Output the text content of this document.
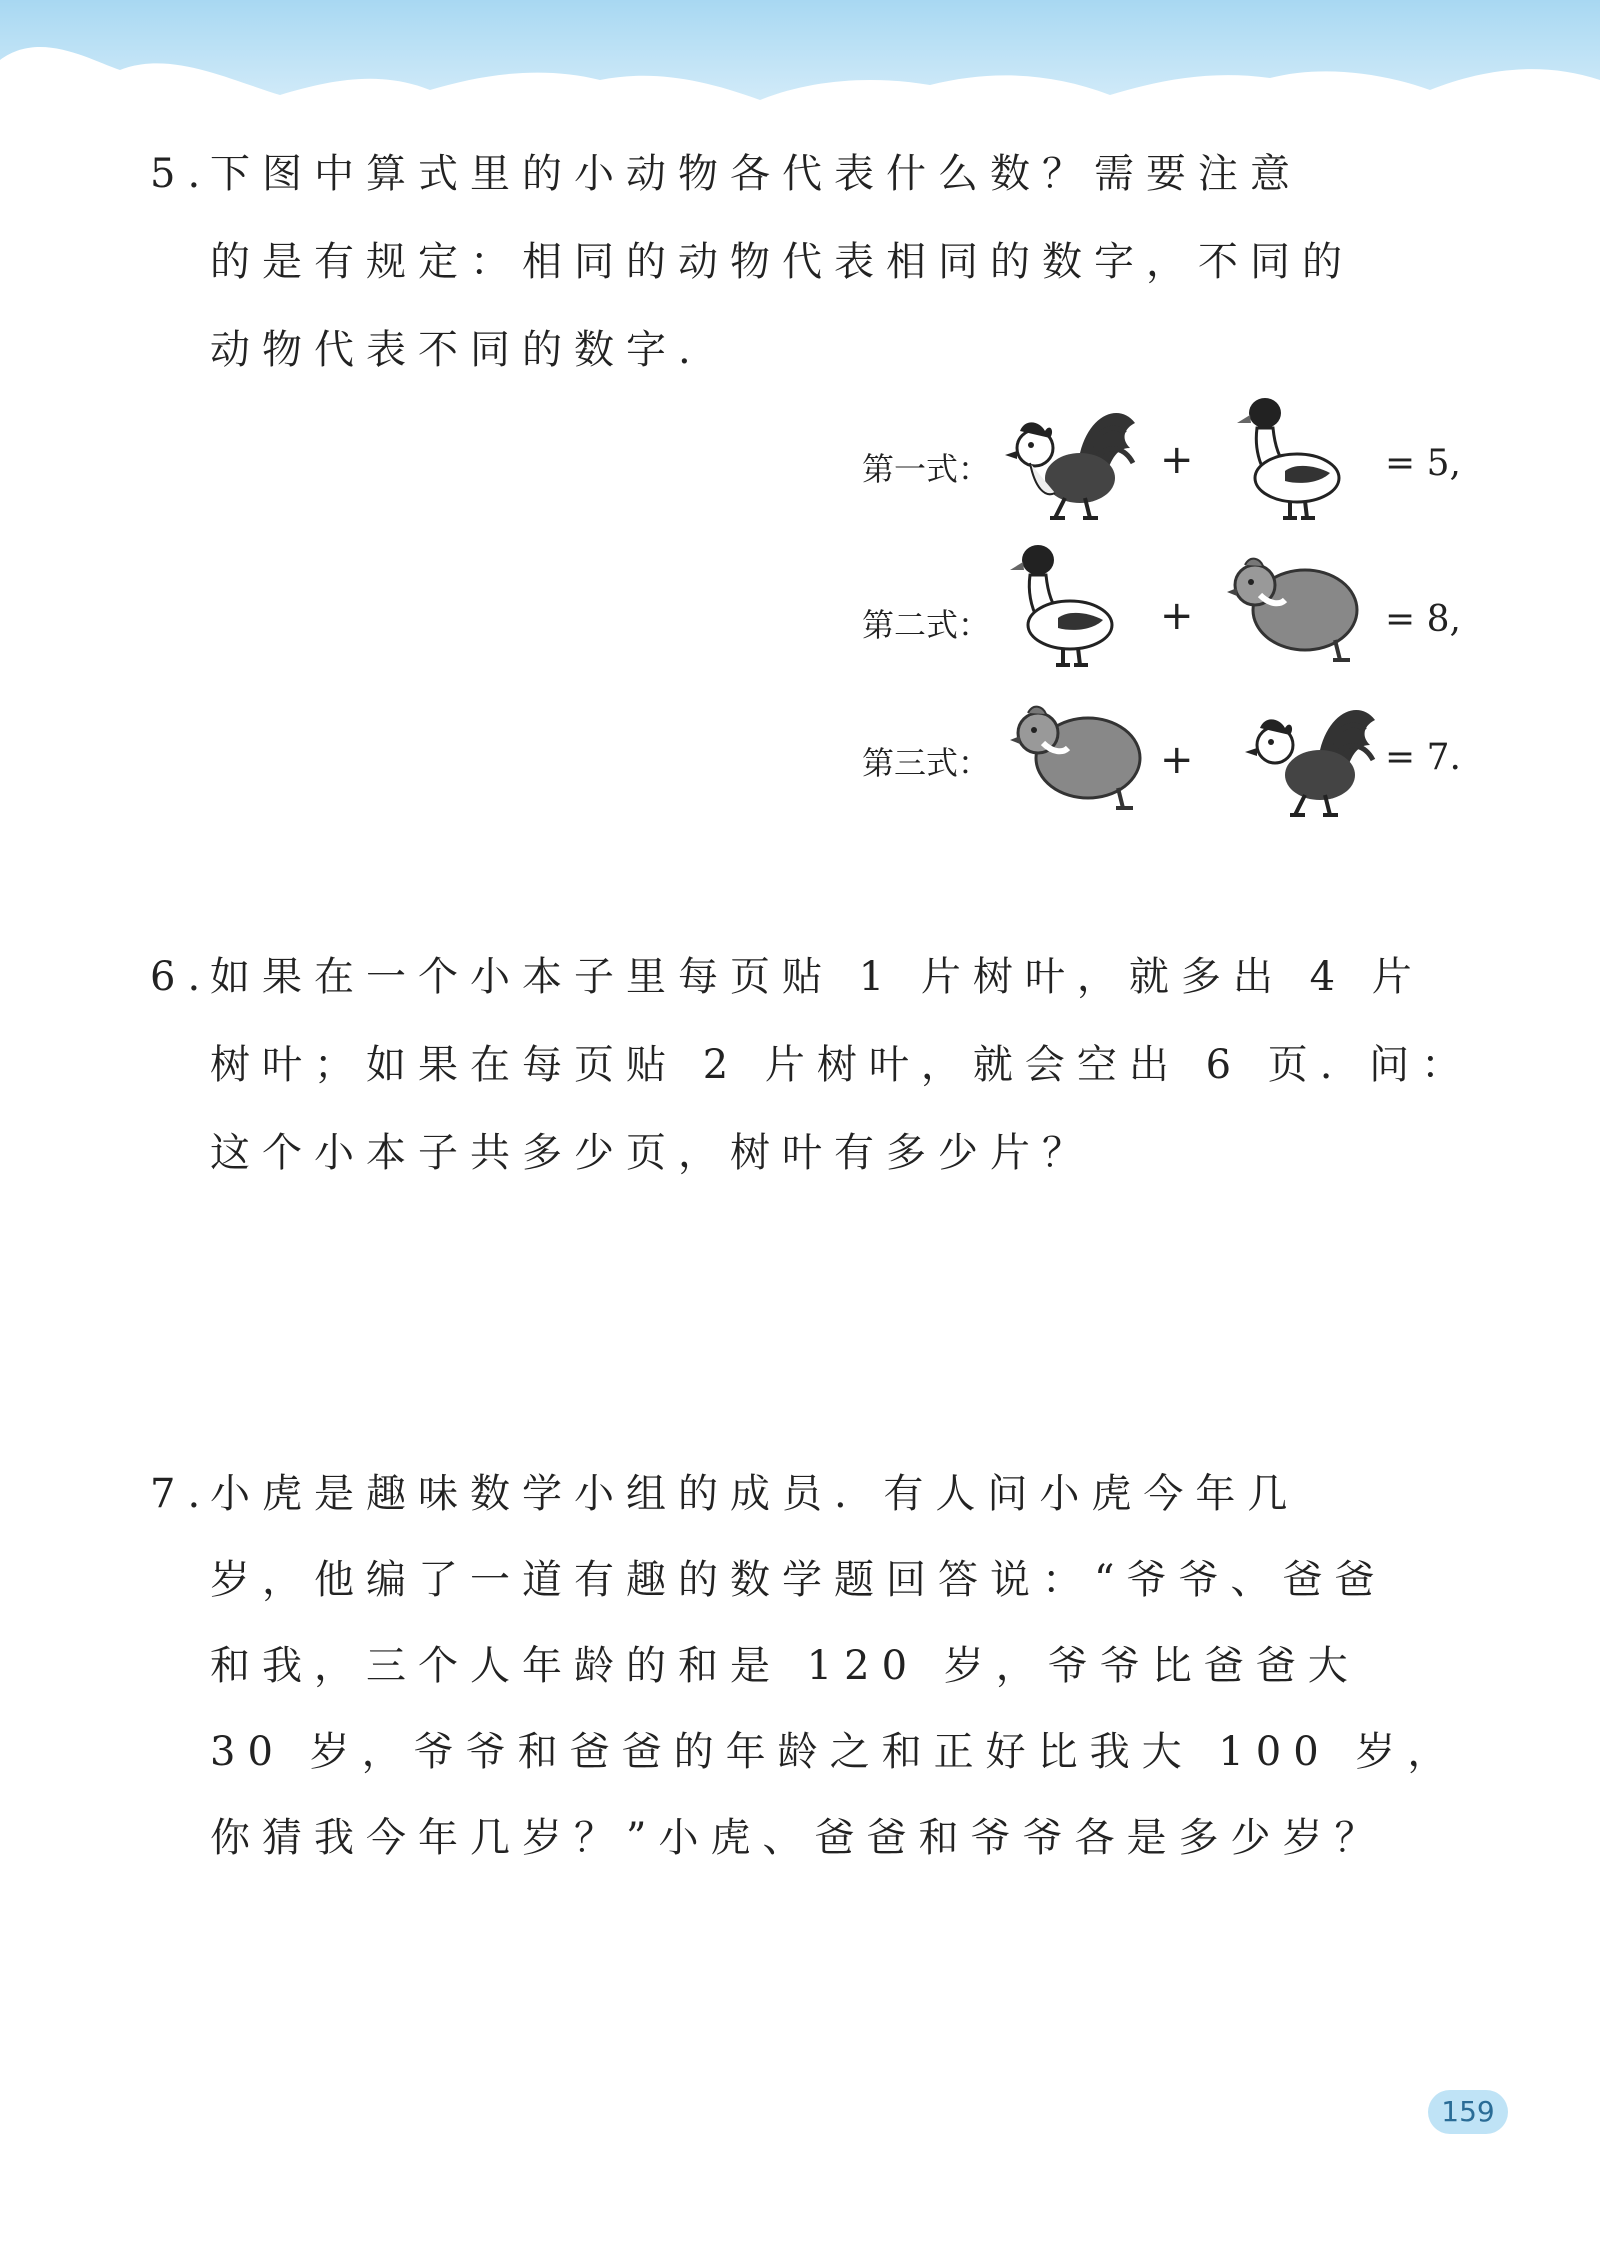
5.
下图中算式里的小动物各代表什么数？需要注意
的是有规定：相同的动物代表相同的数字，不同的
动物代表不同的数字.
第一式：	+	= 5,
第二式：	+	= 8,
第三式：	+	= 7.
6.
如果在一个小本子里每页贴 1 片树叶，就多出 4 片
树叶；如果在每页贴 2 片树叶，就会空出 6 页. 问：
这个小本子共多少页，树叶有多少片？
7.
小虎是趣味数学小组的成员. 有人问小虎今年几
岁，他编了一道有趣的数学题回答说：“爷爷、爸爸
和我，三个人年龄的和是 120 岁，爷爷比爸爸大
30 岁，爷爷和爸爸的年龄之和正好比我大 100 岁，
你猜我今年几岁？”小虎、爸爸和爷爷各是多少岁？
159
